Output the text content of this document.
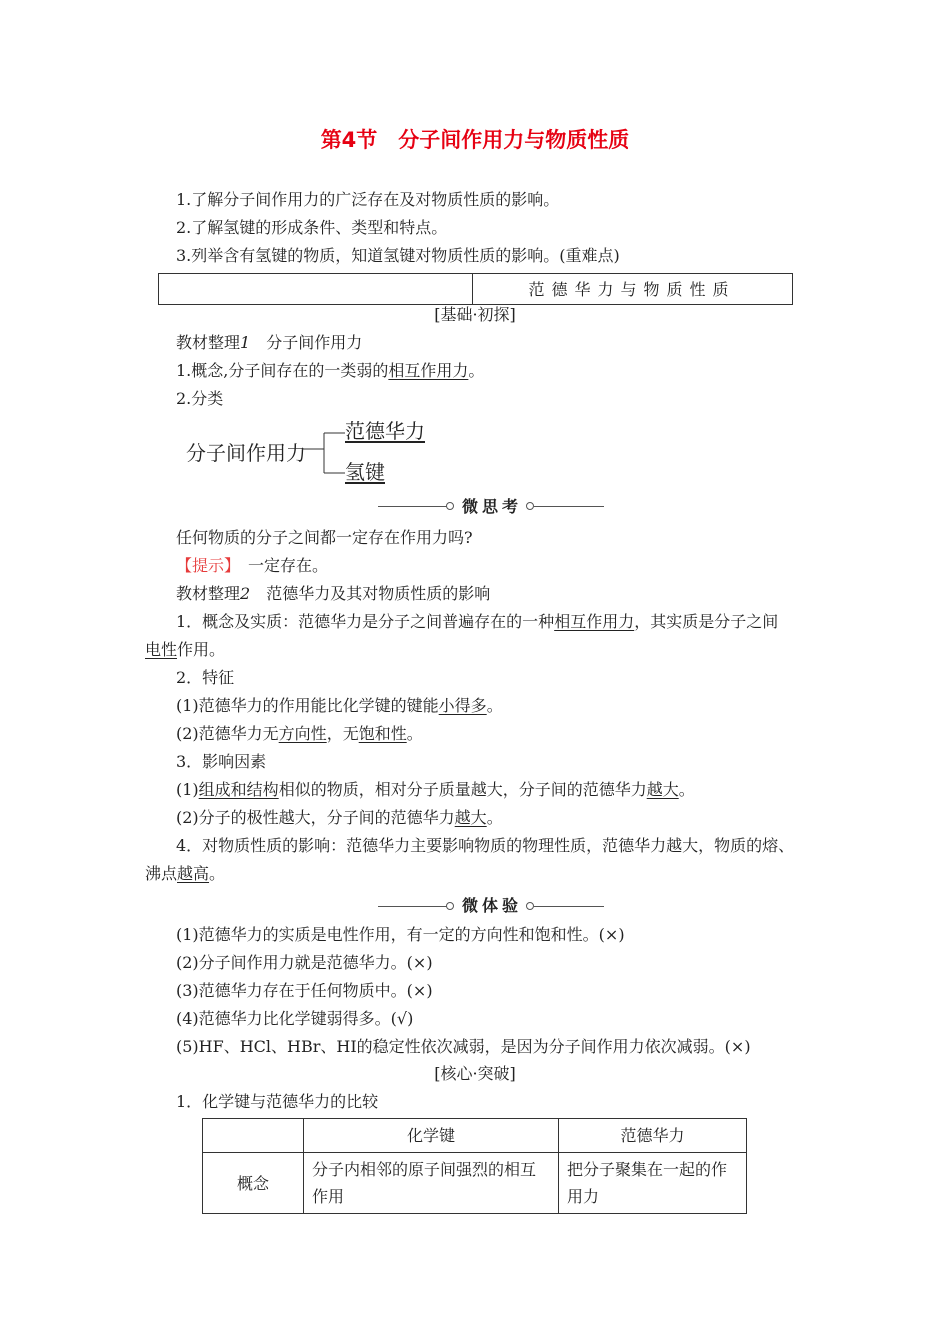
第4节　分子间作用力与物质性质
1.了解分子间作用力的广泛存在及对物质性质的影响。
2.了解氢键的形成条件、类型和特点。
3.列举含有氢键的物质，知道氢键对物质性质的影响。(重难点)
范德华力与物质性质
[基础·初探]
教材整理1　 分子间作用力
1.概念,分子间存在的一类弱的相互作用力。
2.分类
分子间作用力
范德华力
氢键
微思考
任何物质的分子之间都一定存在作用力吗?
【提示】　 一定存在。
教材整理2　 范德华力及其对物质性质的影响
1．概念及实质：范德华力是分子之间普遍存在的一种相互作用力，其实质是分子之间
电性作用。
2．特征
(1)范德华力的作用能比化学键的键能小得多。
(2)范德华力无方向性，无饱和性。
3．影响因素
(1)组成和结构相似的物质，相对分子质量越大，分子间的范德华力越大。
(2)分子的极性越大，分子间的范德华力越大。
4．对物质性质的影响：范德华力主要影响物质的物理性质，范德华力越大，物质的熔、
沸点越高。
微体验
(1)范德华力的实质是电性作用，有一定的方向性和饱和性。(×)
(2)分子间作用力就是范德华力。(×)
(3)范德华力存在于任何物质中。(×)
(4)范德华力比化学键弱得多。(√)
(5)HF、HCl、HBr、HI的稳定性依次减弱，是因为分子间作用力依次减弱。(×)
[核心·突破]
1．化学键与范德华力的比较
	化学键	范德华力
概念	分子内相邻的原子间强烈的相互作用	把分子聚集在一起的作用力
